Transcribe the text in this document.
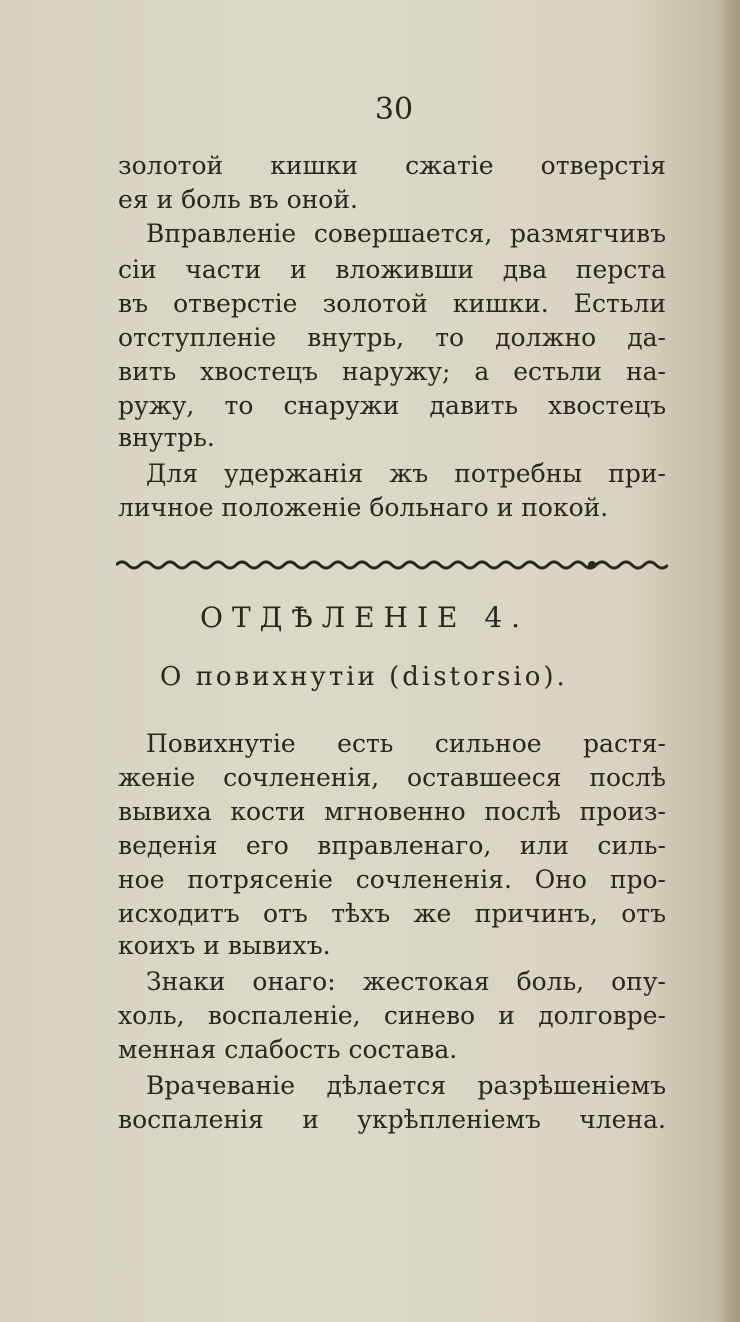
30
золотой кишки сжатіе отверстія
ея и боль въ оной.
Вправленіе совершается, размягчивъ
сіи части и вложивши два перста
въ отверстіе золотой кишки. Естьли
отступленіе внутрь, то должно да-
вить хвостецъ наружу; а естьли на-
ружу, то снаружи давить хвостецъ
внутрь.
Для удержанія жъ потребны при-
личное положеніе больнаго и покой.
ОТДѢЛЕНІЕ 4.
О повихнутіи (distorsio).
Повихнутіе есть сильное растя-
женіе сочлененія, оставшееся послѣ
вывиха кости мгновенно послѣ произ-
веденія его вправленаго, или силь-
ное потрясеніе сочлененія. Оно про-
исходитъ отъ тѣхъ же причинъ, отъ
коихъ и вывихъ.
Знаки онаго: жестокая боль, опу-
холь, воспаленіе, синево и долговре-
менная слабость состава.
Врачеваніе дѣлается разрѣшеніемъ
воспаленія и укрѣпленіемъ члена.
